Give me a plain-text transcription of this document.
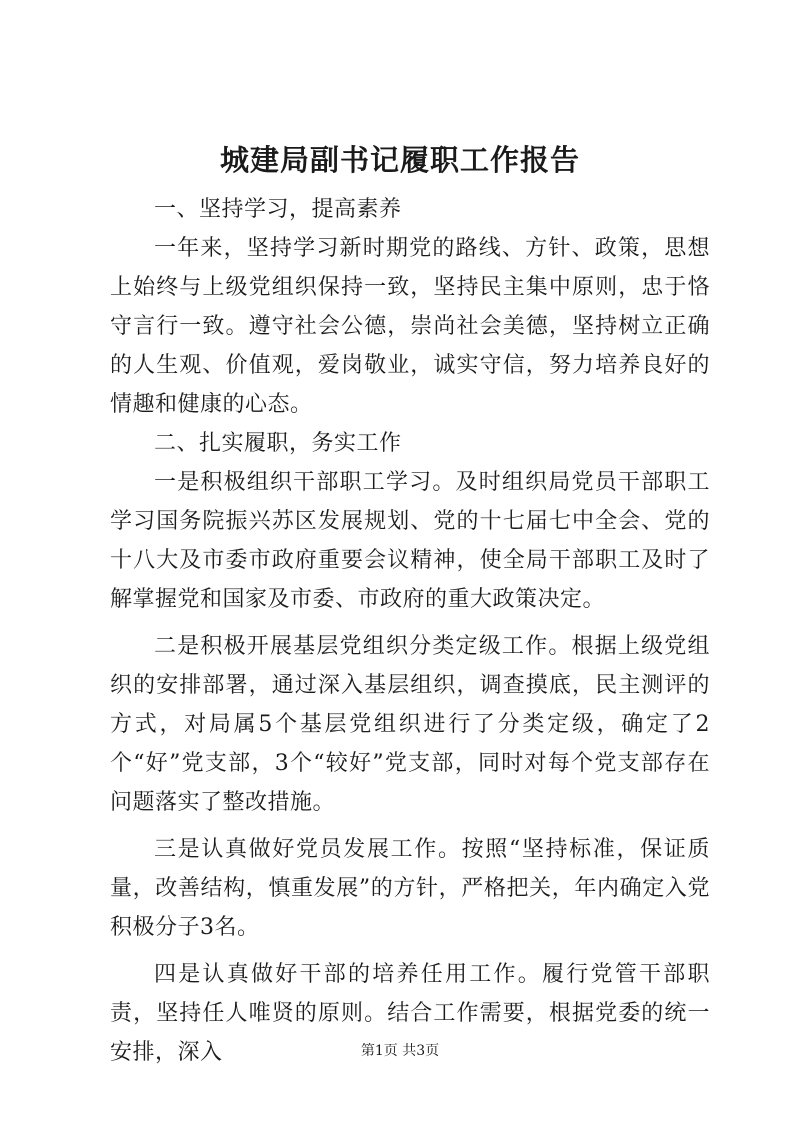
城建局副书记履职工作报告

一、坚持学习，提高素养

一年来，坚持学习新时期党的路线、方针、政策，思想上始终与上级党组织保持一致，坚持民主集中原则，忠于恪守言行一致。遵守社会公德，崇尚社会美德，坚持树立正确的人生观、价值观，爱岗敬业，诚实守信，努力培养良好的情趣和健康的心态。

二、扎实履职，务实工作

一是积极组织干部职工学习。及时组织局党员干部职工学习国务院振兴苏区发展规划、党的十七届七中全会、党的十八大及市委市政府重要会议精神，使全局干部职工及时了解掌握党和国家及市委、市政府的重大政策决定。

二是积极开展基层党组织分类定级工作。根据上级党组织的安排部署，通过深入基层组织，调查摸底，民主测评的方式，对局属5个基层党组织进行了分类定级，确定了2个“好”党支部，3个“较好”党支部，同时对每个党支部存在问题落实了整改措施。

三是认真做好党员发展工作。按照“坚持标准，保证质量，改善结构，慎重发展”的方针，严格把关，年内确定入党积极分子3名。

四是认真做好干部的培养任用工作。履行党管干部职责，坚持任人唯贤的原则。结合工作需要，根据党委的统一安排，深入	第1页 共3页
